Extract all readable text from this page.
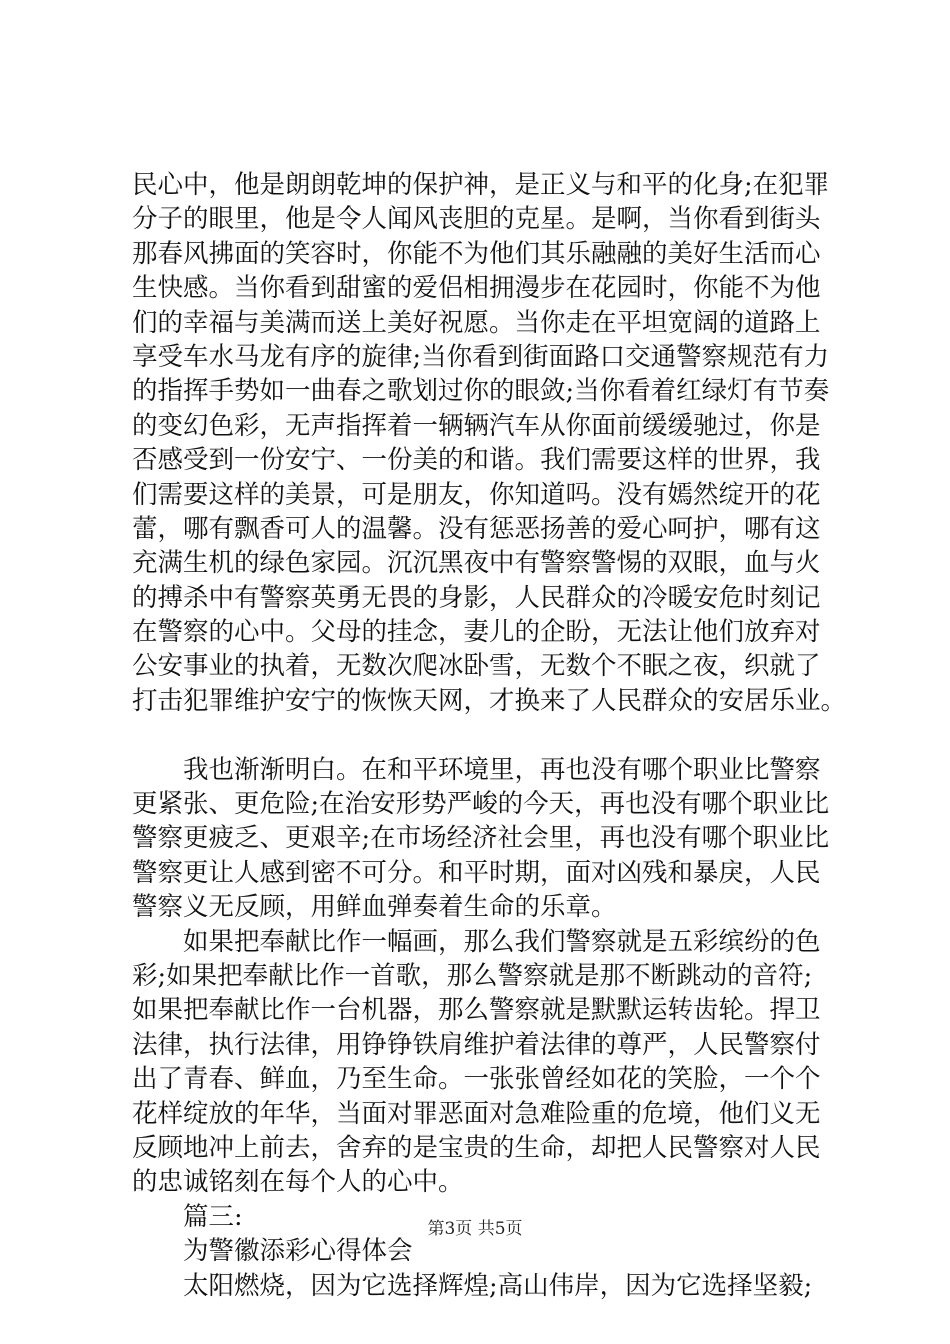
民心中，他是朗朗乾坤的保护神，是正义与和平的化身;在犯罪
分子的眼里，他是令人闻风丧胆的克星。是啊，当你看到街头
那春风拂面的笑容时，你能不为他们其乐融融的美好生活而心
生快感。当你看到甜蜜的爱侣相拥漫步在花园时，你能不为他
们的幸福与美满而送上美好祝愿。当你走在平坦宽阔的道路上
享受车水马龙有序的旋律;当你看到街面路口交通警察规范有力
的指挥手势如一曲春之歌划过你的眼敛;当你看着红绿灯有节奏
的变幻色彩，无声指挥着一辆辆汽车从你面前缓缓驰过，你是
否感受到一份安宁、一份美的和谐。我们需要这样的世界，我
们需要这样的美景，可是朋友，你知道吗。没有嫣然绽开的花
蕾，哪有飘香可人的温馨。没有惩恶扬善的爱心呵护，哪有这
充满生机的绿色家园。沉沉黑夜中有警察警惕的双眼，血与火
的搏杀中有警察英勇无畏的身影，人民群众的冷暖安危时刻记
在警察的心中。父母的挂念，妻儿的企盼，无法让他们放弃对
公安事业的执着，无数次爬冰卧雪，无数个不眠之夜，织就了
打击犯罪维护安宁的恢恢天网，才换来了人民群众的安居乐业。
　　我也渐渐明白。在和平环境里，再也没有哪个职业比警察
更紧张、更危险;在治安形势严峻的今天，再也没有哪个职业比
警察更疲乏、更艰辛;在市场经济社会里，再也没有哪个职业比
警察更让人感到密不可分。和平时期，面对凶残和暴戾，人民
警察义无反顾，用鲜血弹奏着生命的乐章。
　　如果把奉献比作一幅画，那么我们警察就是五彩缤纷的色
彩;如果把奉献比作一首歌，那么警察就是那不断跳动的音符;
如果把奉献比作一台机器，那么警察就是默默运转齿轮。捍卫
法律，执行法律，用铮铮铁肩维护着法律的尊严，人民警察付
出了青春、鲜血，乃至生命。一张张曾经如花的笑脸，一个个
花样绽放的年华，当面对罪恶面对急难险重的危境，他们义无
反顾地冲上前去，舍弃的是宝贵的生命，却把人民警察对人民
的忠诚铭刻在每个人的心中。
　　篇三:
　　为警徽添彩心得体会
　　太阳燃烧，因为它选择辉煌;高山伟岸，因为它选择坚毅;
第3页 共5页
